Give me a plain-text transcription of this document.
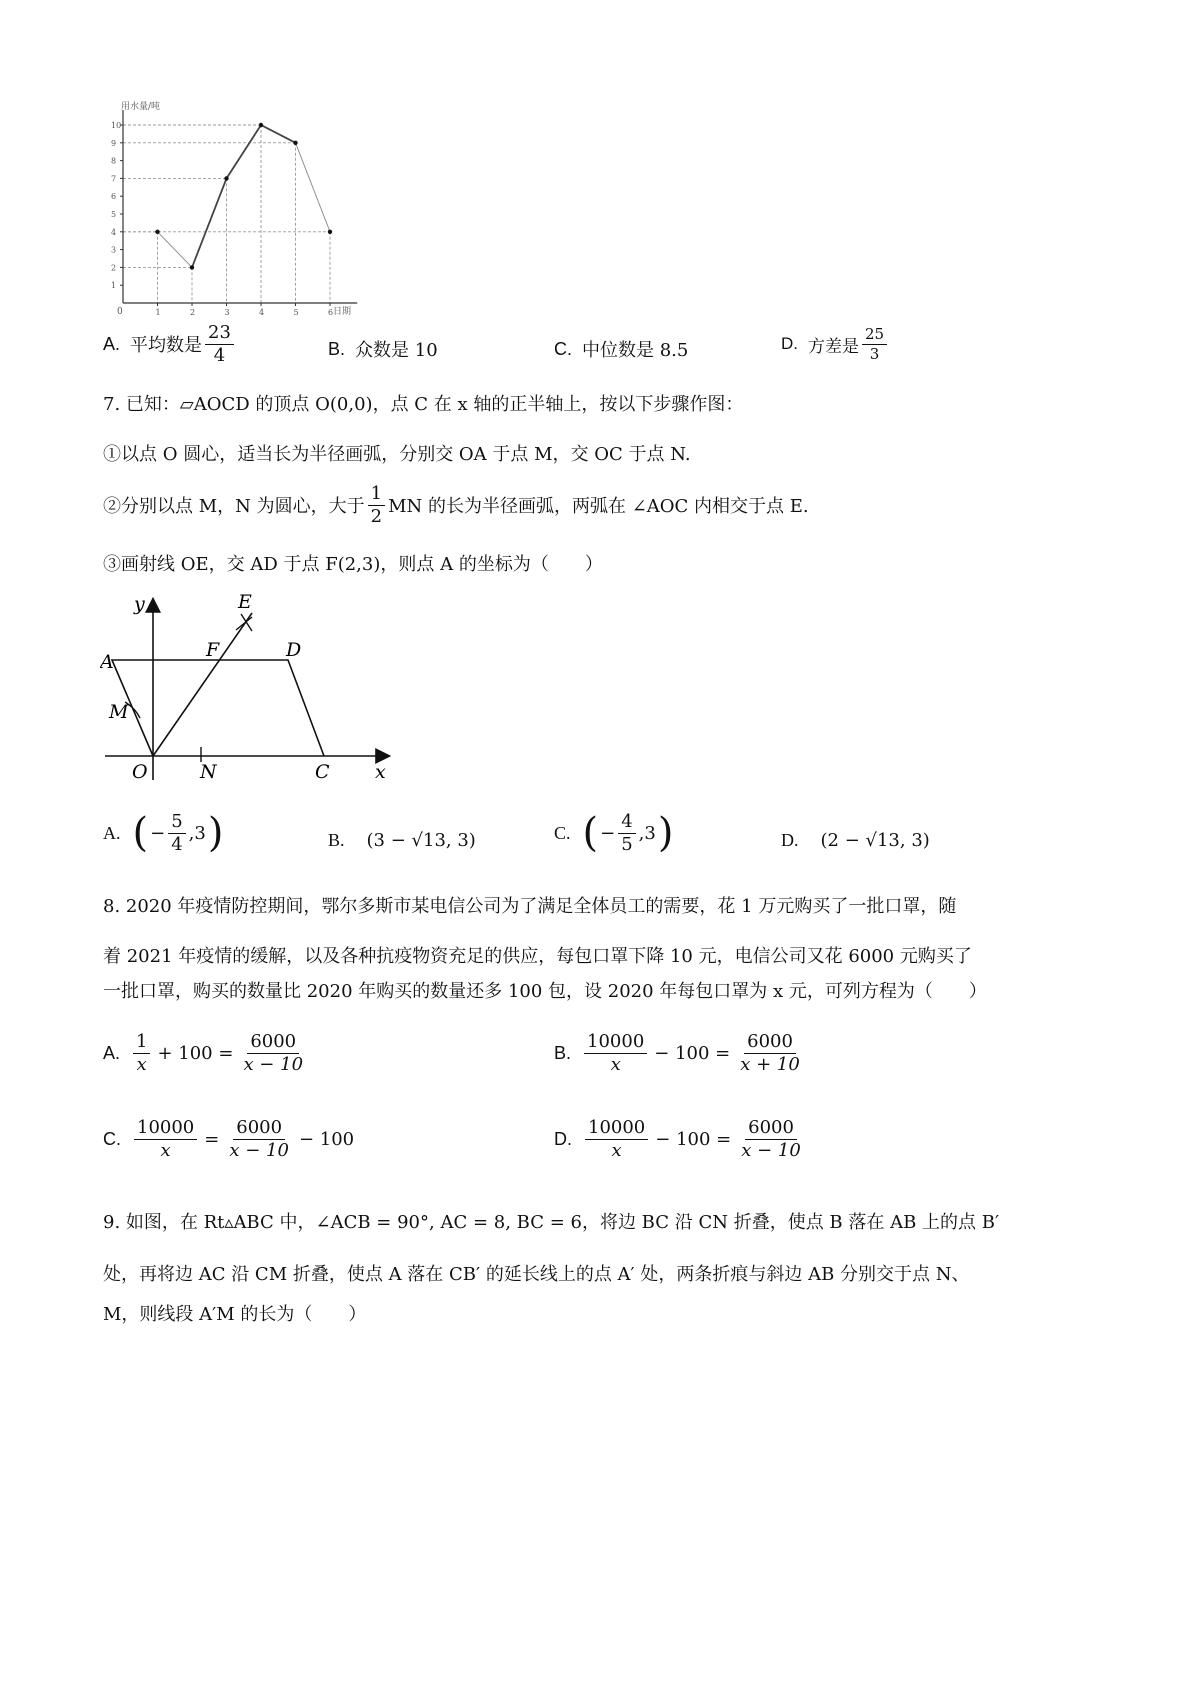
用水量/吨
日期
0
1
2
3
4
5
6
7
8
9
10
1	2	3	4	5	6
A. 平均数是 $\frac{23}{4}$	B. 众数是 10	C. 中位数是 8.5	D. 方差是 $\frac{25}{3}$
7. 已知：▱AOCD 的顶点 O(0,0)，点 C 在 x 轴的正半轴上，按以下步骤作图：
①以点 O 圆心，适当长为半径画弧，分别交 OA 于点 M，交 OC 于点 N.
②分别以点 M，N 为圆心，大于 $\frac{1}{2}$ MN 的长为半径画弧，两弧在 ∠AOC 内相交于点 E.
③画射线 OE，交 AD 于点 F(2,3)，则点 A 的坐标为（　　）
y	E
F	D
A
M
O	N	C x
A. ( − $\frac{5}{4} ,3$ )	B. (3 − √13, 3)	C. ( − $\frac{4}{5} ,3$ )	D. (2 − √13, 3)
8. 2020 年疫情防控期间，鄂尔多斯市某电信公司为了满足全体员工的需要，花 1 万元购买了一批口罩，随
着 2021 年疫情的缓解，以及各种抗疫物资充足的供应，每包口罩下降 10 元，电信公司又花 6000 元购买了
一批口罩，购买的数量比 2020 年购买的数量还多 100 包，设 2020 年每包口罩为 x 元，可列方程为（　　）
A. $\frac{1}{x} + 100 = \frac{6000}{x - 10}$	B. $\frac{10000}{x} - 100 = \frac{6000}{x + 10}$
C. $\frac{10000}{x} = \frac{6000}{x - 10} - 100$	D. $\frac{10000}{x} - 100 = \frac{6000}{x - 10}$
9. 如图，在 Rt▵ABC 中，∠ACB = 90°, AC = 8, BC = 6，将边 BC 沿 CN 折叠，使点 B 落在 AB 上的点 B′
处，再将边 AC 沿 CM 折叠，使点 A 落在 CB′ 的延长线上的点 A′ 处，两条折痕与斜边 AB 分别交于点 N、
M，则线段 A′M 的长为（　　）
